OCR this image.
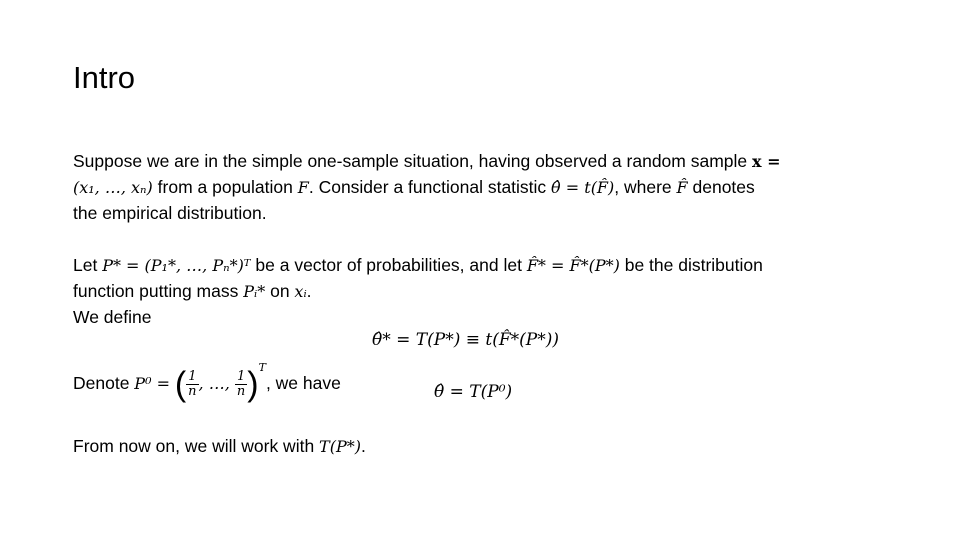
Intro
Suppose we are in the simple one-sample situation, having observed a random sample x =
(x₁, …, xₙ) from a population F. Consider a functional statistic θ̂ = t(F̂), where F̂ denotes
the empirical distribution.
Let P* = (P₁*, …, Pₙ*)ᵀ be a vector of probabilities, and let F̂* = F̂*(P*) be the distribution
function putting mass Pᵢ* on xᵢ.
We define
θ̂* = T(P*) ≡ t(F̂*(P*))
Denote P⁰ = ( $\frac{1}{n}$ , …, $\frac{1}{n} )^T$, we have	θ̂ = T(P⁰)
From now on, we will work with T(P*).
